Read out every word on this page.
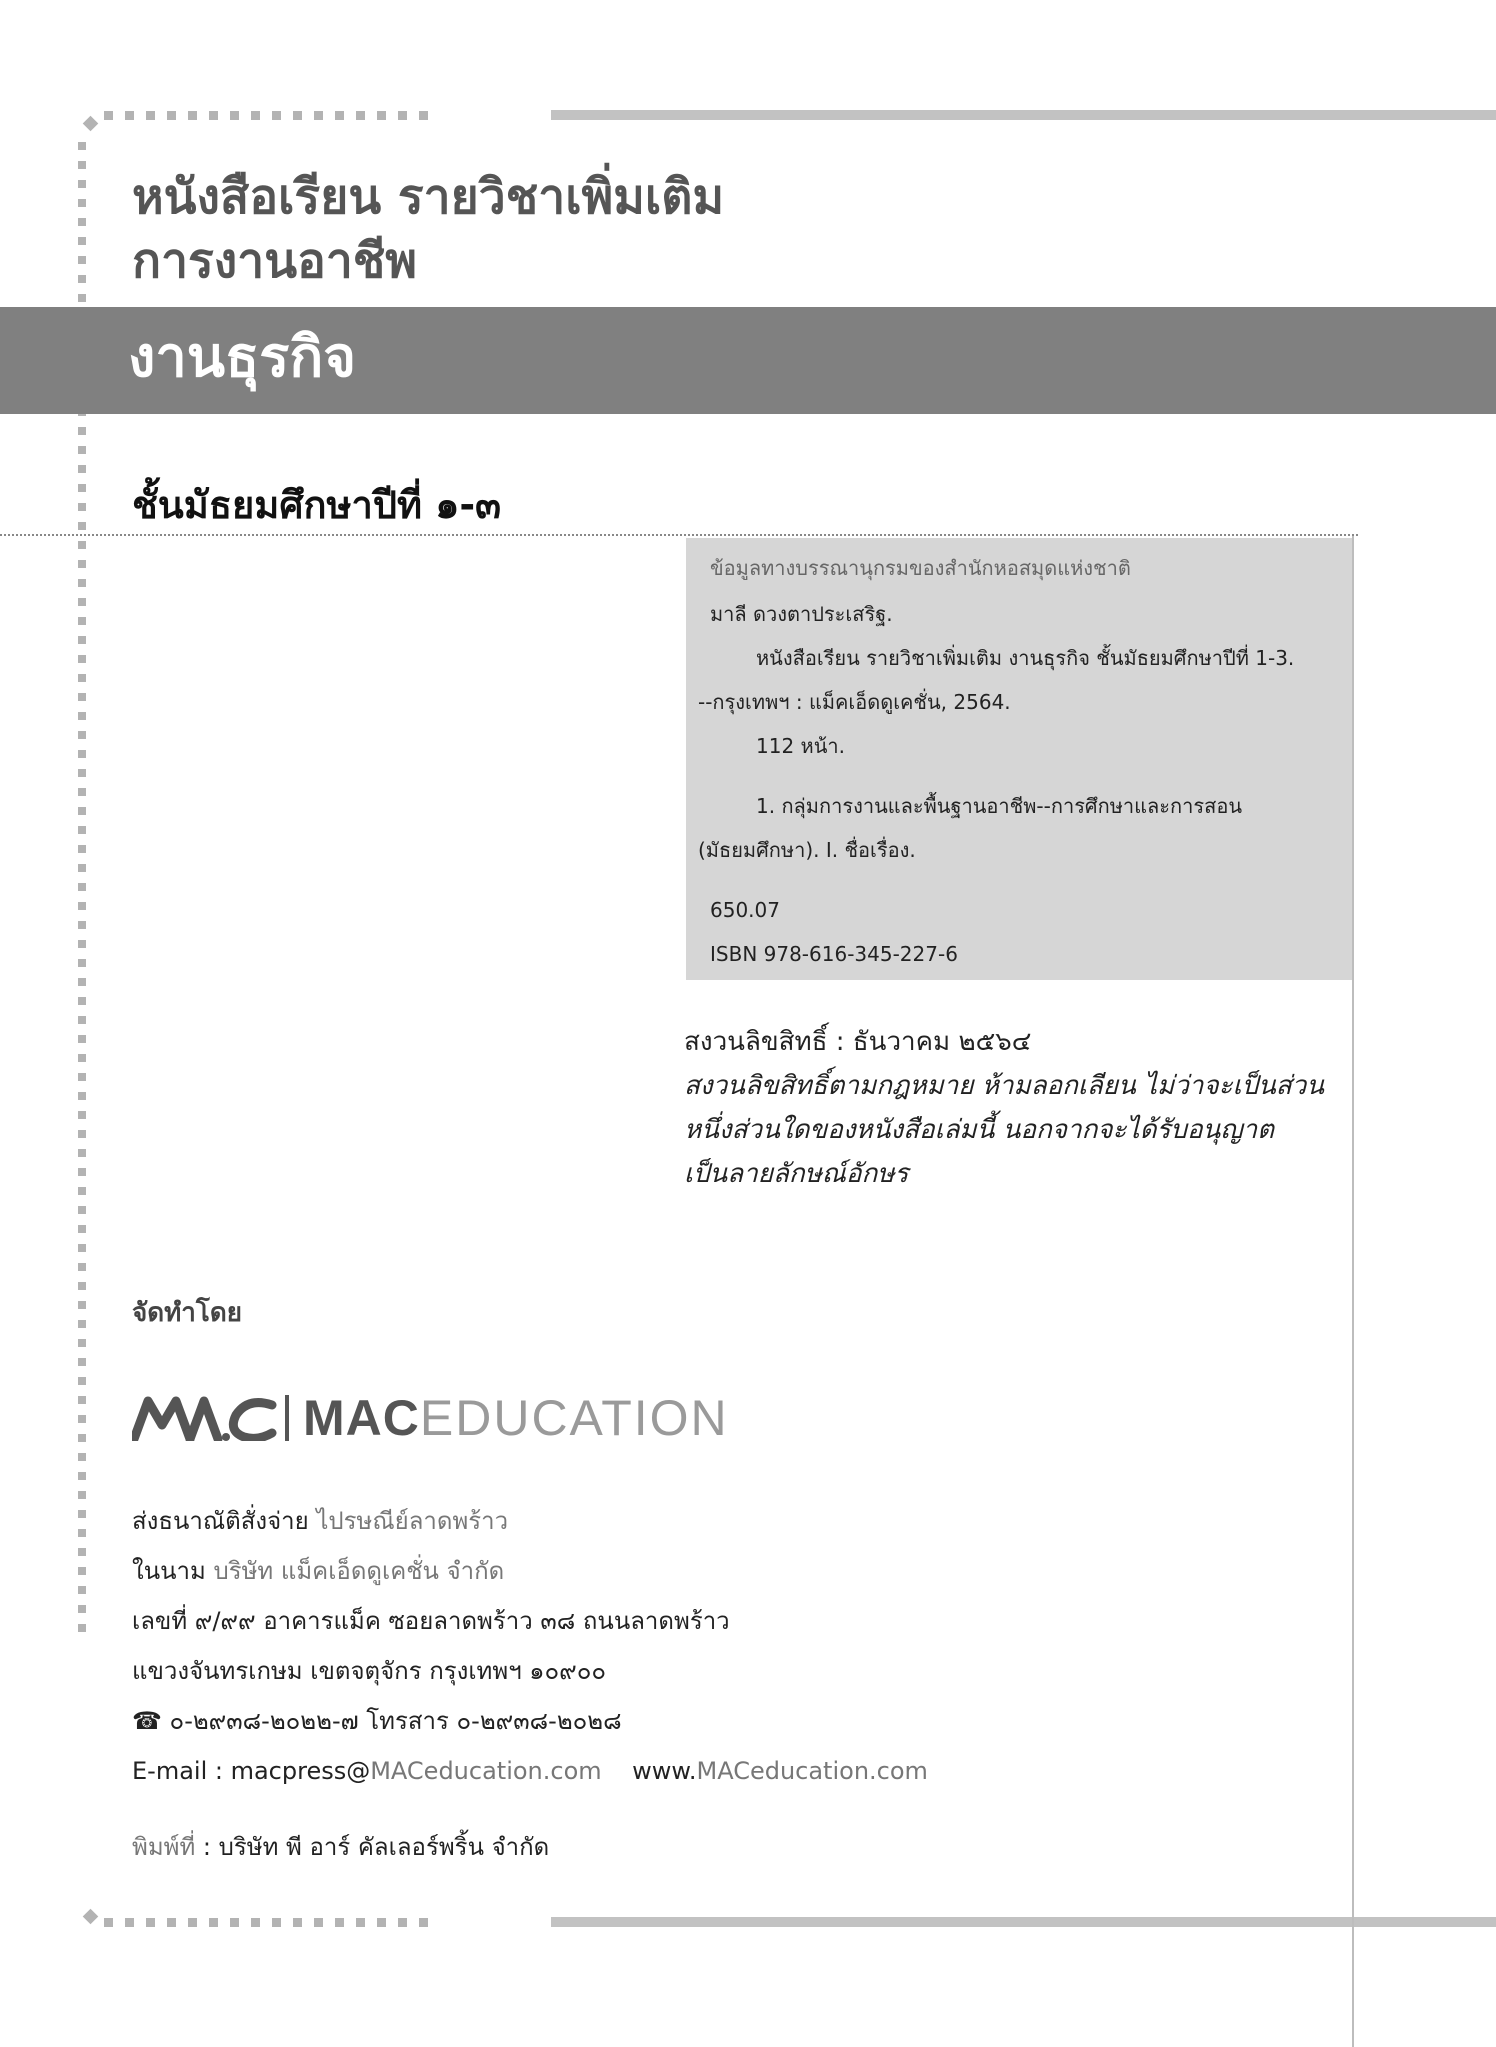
หนังสือเรียน รายวิชาเพิ่มเติม
การงานอาชีพ
งานธุรกิจ
ชั้นมัธยมศึกษาปีที่ ๑-๓
ข้อมูลทางบรรณานุกรมของสำนักหอสมุดแห่งชาติ
มาลี ดวงตาประเสริฐ.
หนังสือเรียน รายวิชาเพิ่มเติม งานธุรกิจ ชั้นมัธยมศึกษาปีที่ 1-3.
--กรุงเทพฯ : แม็คเอ็ดดูเคชั่น, 2564.
112 หน้า.
1. กลุ่มการงานและพื้นฐานอาชีพ--การศึกษาและการสอน
(มัธยมศึกษา). I. ชื่อเรื่อง.
650.07
ISBN 978-616-345-227-6
สงวนลิขสิทธิ์ : ธันวาคม ๒๕๖๔
สงวนลิขสิทธิ์ตามกฎหมาย ห้ามลอกเลียน ไม่ว่าจะเป็นส่วน
หนึ่งส่วนใดของหนังสือเล่มนี้ นอกจากจะได้รับอนุญาต
เป็นลายลักษณ์อักษร
จัดทำโดย
MAC EDUCATION
ส่งธนาณัติสั่งจ่าย ไปรษณีย์ลาดพร้าว
ในนาม บริษัท แม็คเอ็ดดูเคชั่น จำกัด
เลขที่ ๙/๙๙ อาคารแม็ค ซอยลาดพร้าว ๓๘ ถนนลาดพร้าว
แขวงจันทรเกษม เขตจตุจักร กรุงเทพฯ ๑๐๙๐๐
☎ ๐-๒๙๓๘-๒๐๒๒-๗ โทรสาร ๐-๒๙๓๘-๒๐๒๘
E-mail : macpress@MACeducation.com www.MACeducation.com
พิมพ์ที่ : บริษัท พี อาร์ คัลเลอร์พริ้น จำกัด
